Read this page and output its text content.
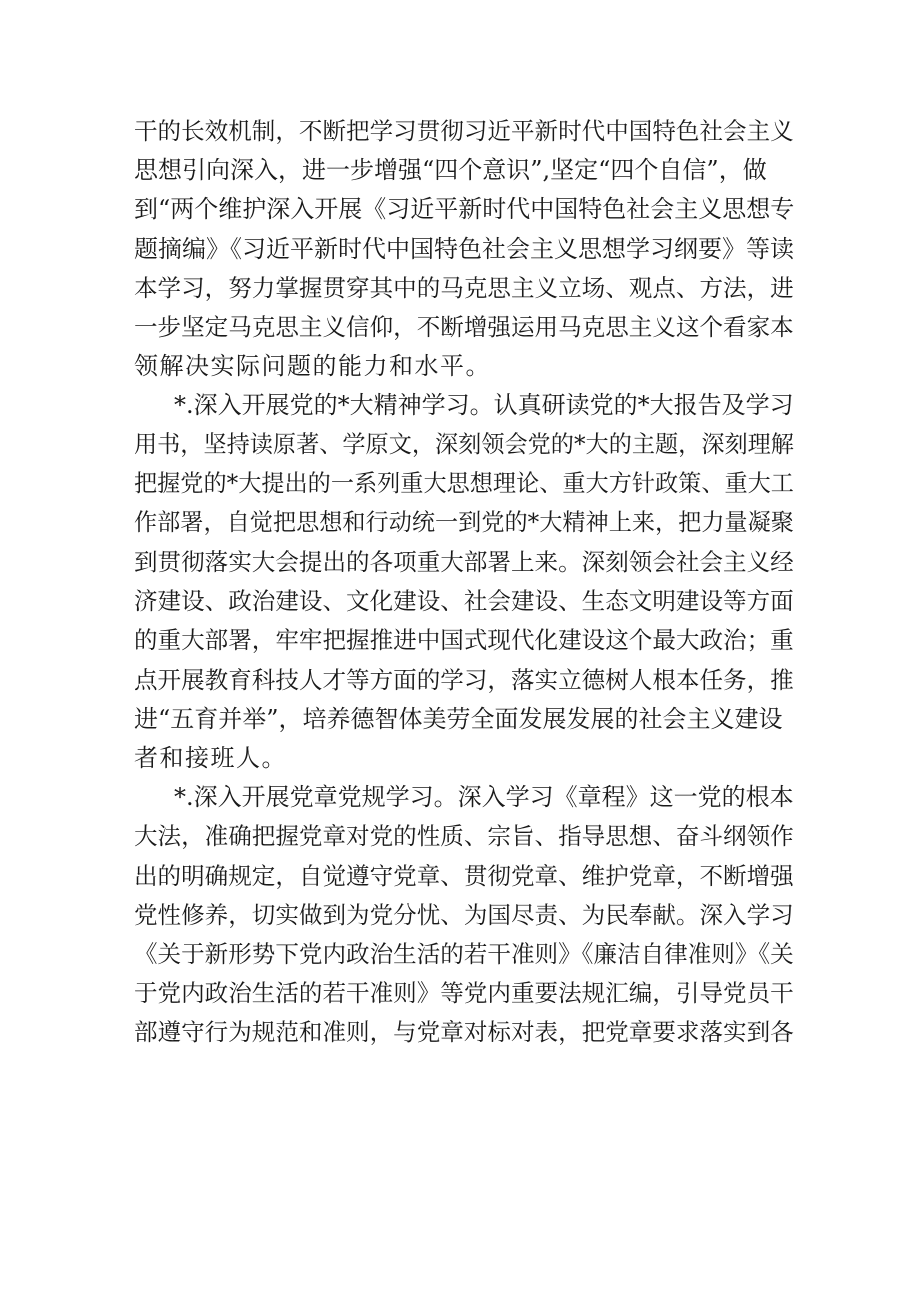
干的长效机制，不断把学习贯彻习近平新时代中国特色社会主义
思想引向深入，进一步增强“四个意识”,坚定“四个自信”，做
到“两个维护深入开展《习近平新时代中国特色社会主义思想专
题摘编》《习近平新时代中国特色社会主义思想学习纲要》等读
本学习，努力掌握贯穿其中的马克思主义立场、观点、方法，进
一步坚定马克思主义信仰，不断增强运用马克思主义这个看家本
领解决实际问题的能力和水平。
*.深入开展党的*大精神学习。认真研读党的*大报告及学习
用书，坚持读原著、学原文，深刻领会党的*大的主题，深刻理解
把握党的*大提出的一系列重大思想理论、重大方针政策、重大工
作部署，自觉把思想和行动统一到党的*大精神上来，把力量凝聚
到贯彻落实大会提出的各项重大部署上来。深刻领会社会主义经
济建设、政治建设、文化建设、社会建设、生态文明建设等方面
的重大部署，牢牢把握推进中国式现代化建设这个最大政治；重
点开展教育科技人才等方面的学习，落实立德树人根本任务，推
进“五育并举”，培养德智体美劳全面发展发展的社会主义建设
者和接班人。
*.深入开展党章党规学习。深入学习《章程》这一党的根本
大法，准确把握党章对党的性质、宗旨、指导思想、奋斗纲领作
出的明确规定，自觉遵守党章、贯彻党章、维护党章，不断增强
党性修养，切实做到为党分忧、为国尽责、为民奉献。深入学习
《关于新形势下党内政治生活的若干准则》《廉洁自律准则》《关
于党内政治生活的若干准则》等党内重要法规汇编，引导党员干
部遵守行为规范和准则，与党章对标对表，把党章要求落实到各
